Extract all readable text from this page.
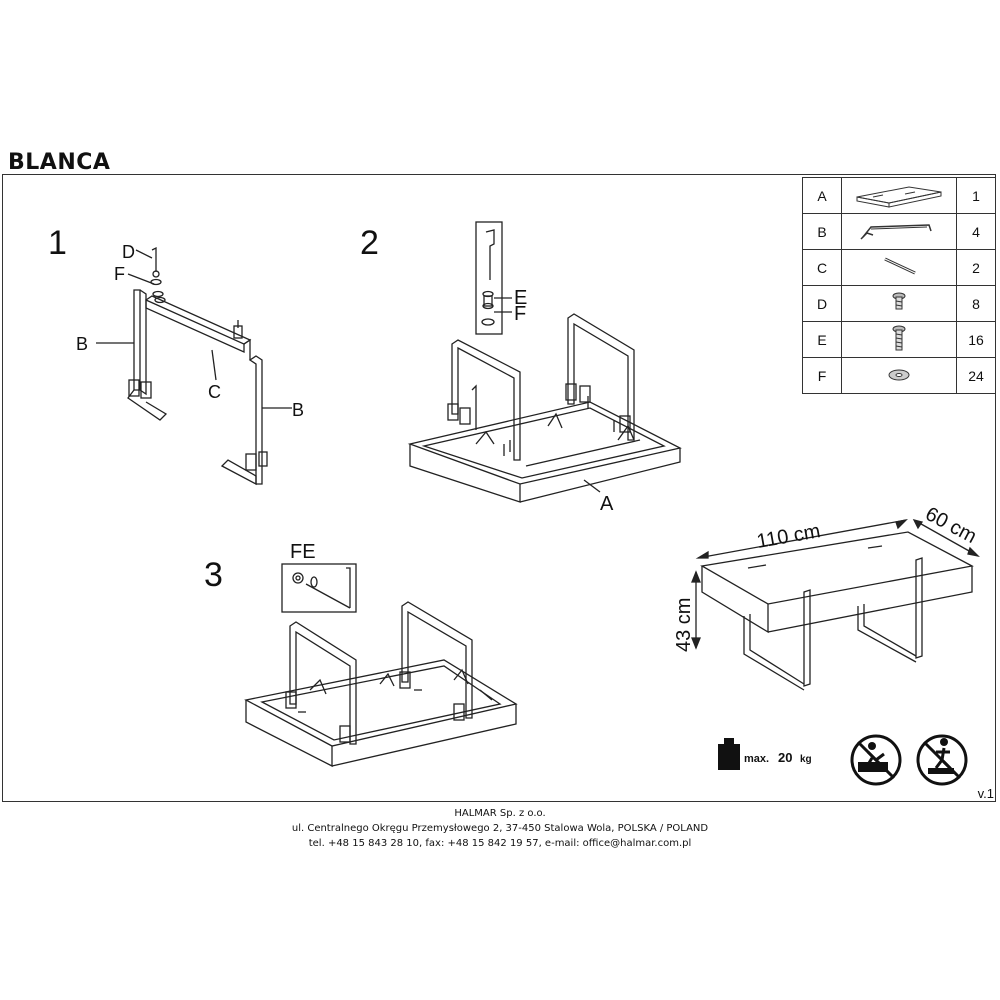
BLANCA
A		1
B		4
C		2
D		8
E		16
F		24
1	D
F
B
C
B
2
E
F
A
3
FE	110 cm	60 cm
43 cm
max. 20 kg
v.1
HALMAR Sp. z o.o.
ul. Centralnego Okręgu Przemysłowego 2, 37-450 Stalowa Wola, POLSKA / POLAND
tel. +48 15 843 28 10, fax: +48 15 842 19 57, e-mail: office@halmar.com.pl
